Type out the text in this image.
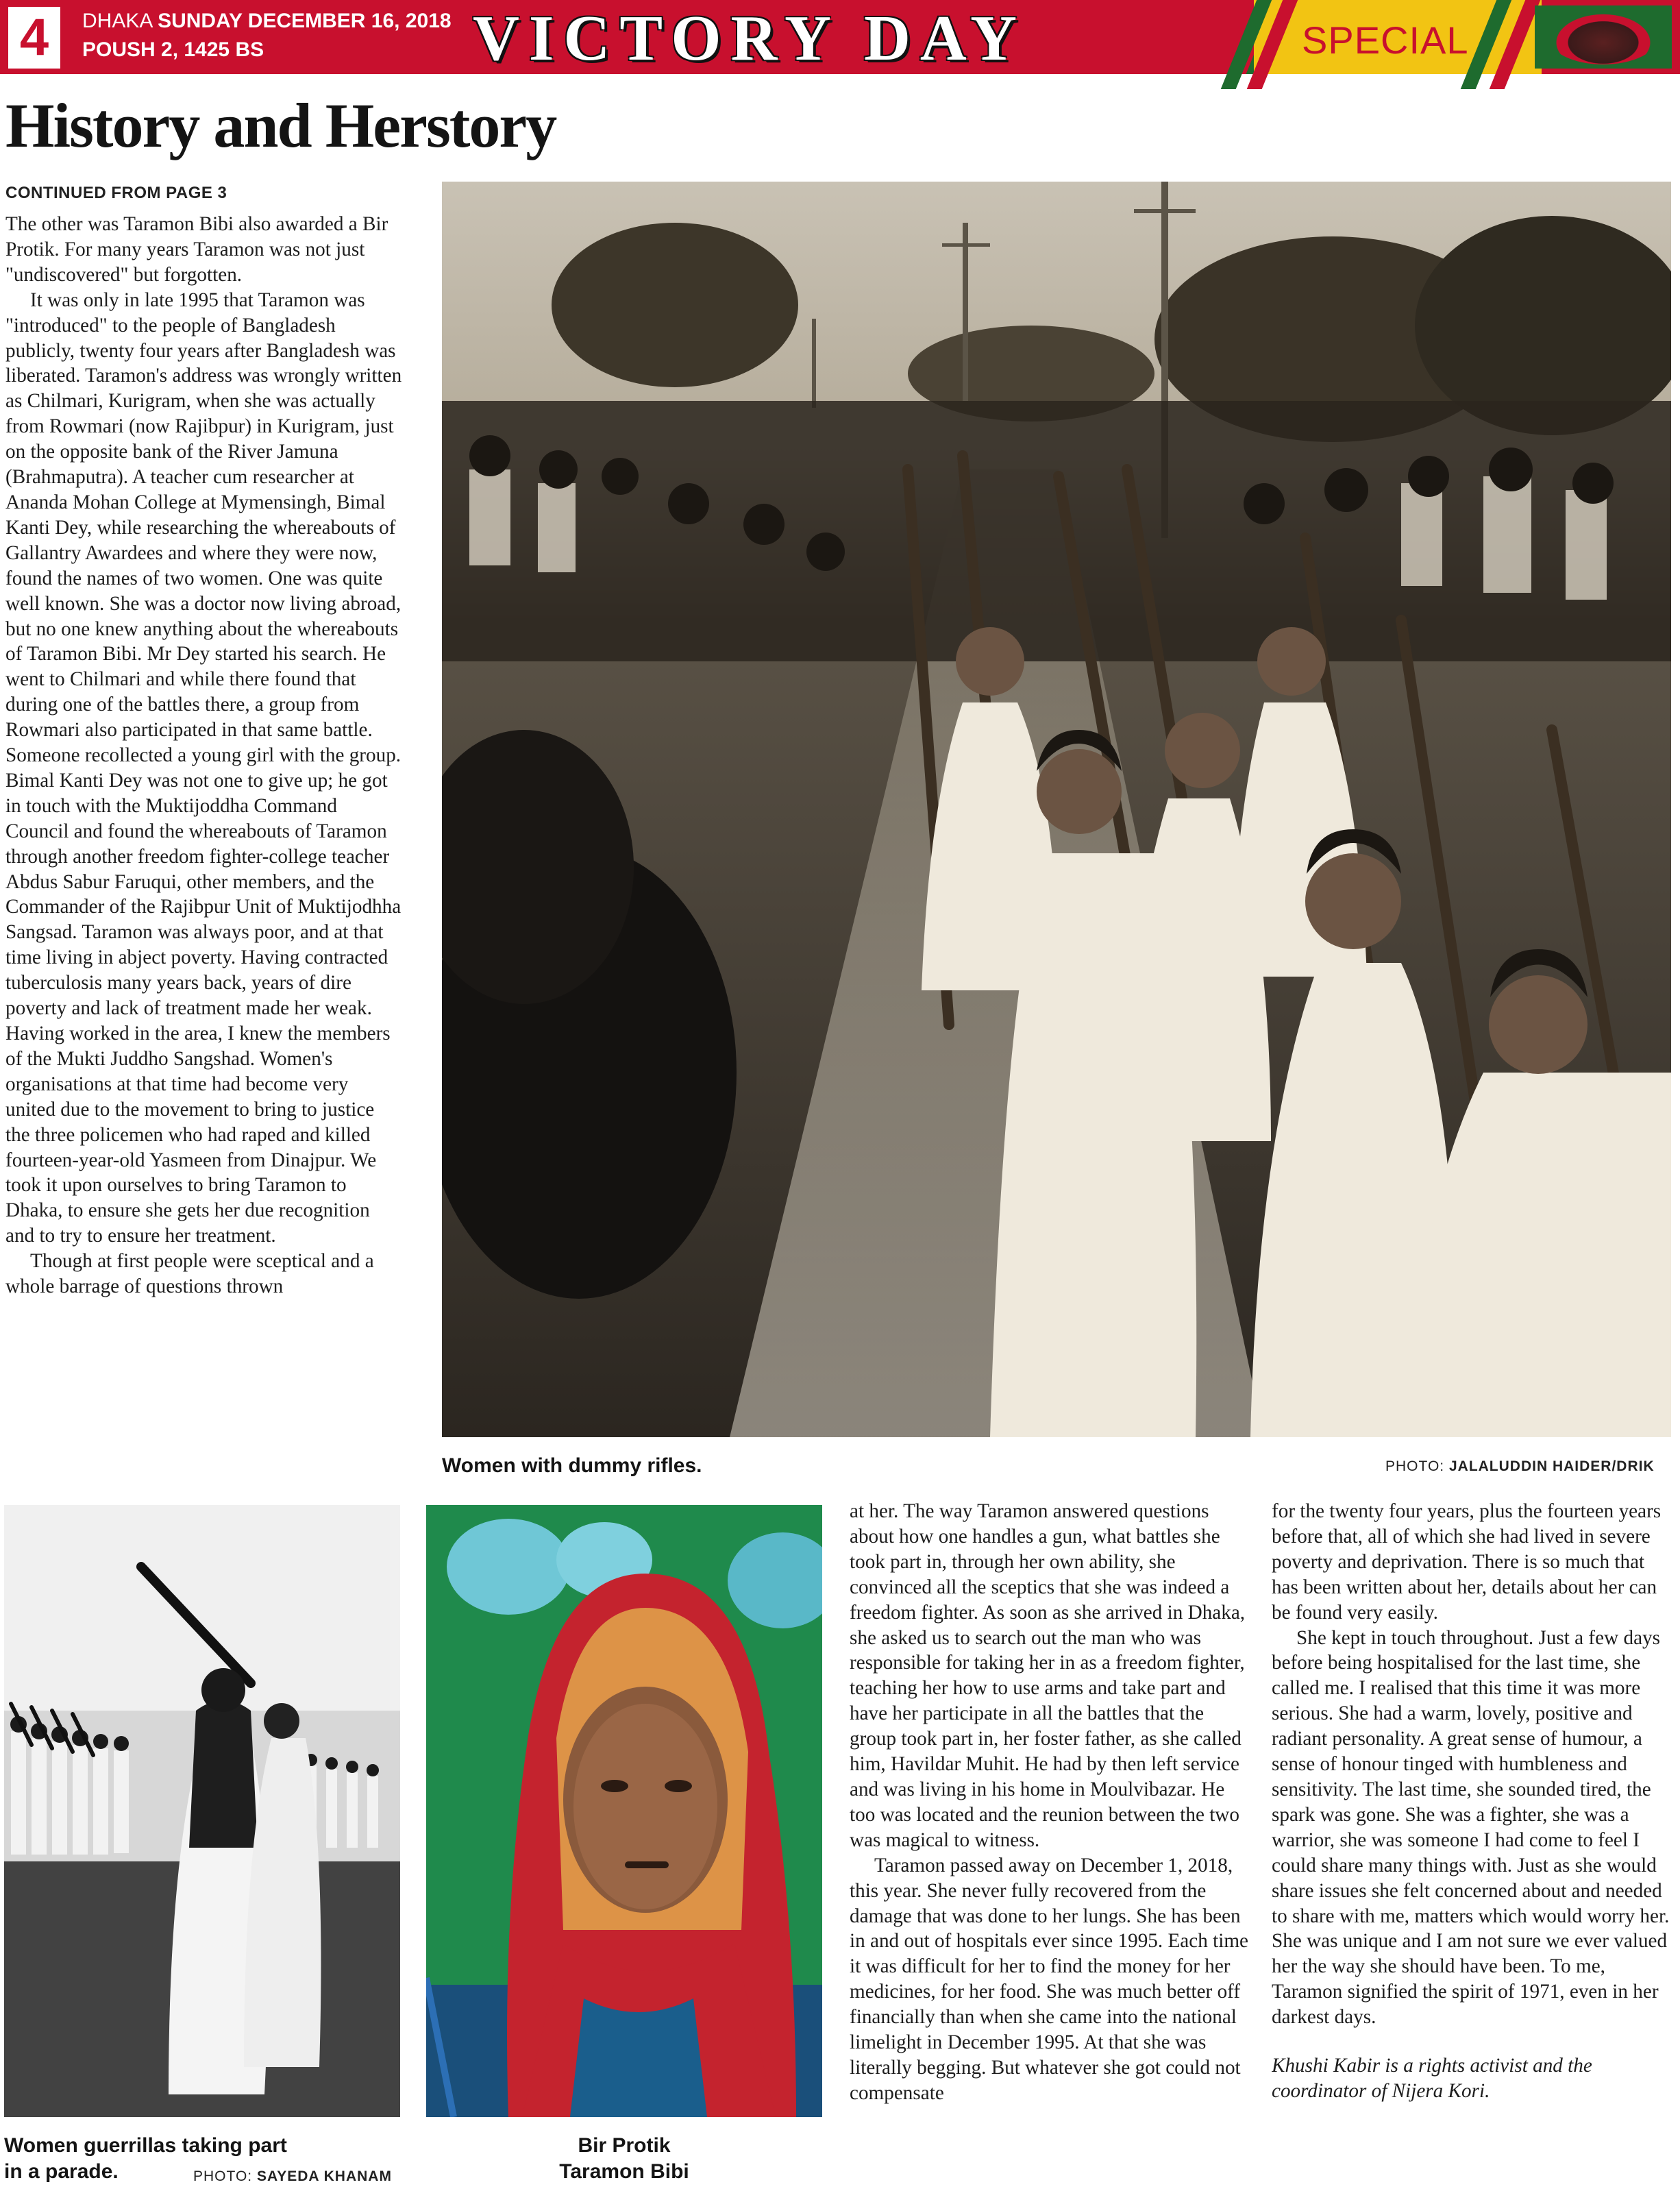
SPECIAL
4	DHAKA SUNDAY DECEMBER 16, 2018
POUSH 2, 1425 BS	VICTORY DAY
History and Herstory
CONTINUED FROM PAGE 3

The other was Taramon Bibi also awarded a Bir Protik. For many years Taramon was not just "undiscovered" but forgotten.

It was only in late 1995 that Taramon was "introduced" to the people of Bangladesh publicly, twenty four years after Bangladesh was liberated. Taramon's address was wrongly written as Chilmari, Kurigram, when she was actually from Rowmari (now Rajibpur) in Kurigram, just on the opposite bank of the River Jamuna (Brahmaputra). A teacher cum researcher at Ananda Mohan College at Mymensingh, Bimal Kanti Dey, while researching the whereabouts of Gallantry Awardees and where they were now, found the names of two women. One was quite well known. She was a doctor now living abroad, but no one knew anything about the whereabouts of Taramon Bibi. Mr Dey started his search. He went to Chilmari and while there found that during one of the battles there, a group from Rowmari also participated in that same battle. Someone recollected a young girl with the group. Bimal Kanti Dey was not one to give up; he got in touch with the Muktijoddha Command Council and found the whereabouts of Taramon through another freedom fighter-college teacher Abdus Sabur Faruqui, other members, and the Commander of the Rajibpur Unit of Muktijodhha Sangsad. Taramon was always poor, and at that time living in abject poverty. Having contracted tuberculosis many years back, years of dire poverty and lack of treatment made her weak. Having worked in the area, I knew the members of the Mukti Juddho Sangshad. Women's organisations at that time had become very united due to the movement to bring to justice the three policemen who had raped and killed fourteen-year-old Yasmeen from Dinajpur. We took it upon ourselves to bring Taramon to Dhaka, to ensure she gets her due recognition and to try to ensure her treatment.

Though at first people were sceptical and a whole barrage of questions thrown

Women with dummy rifles.	PHOTO: JALALUDDIN HAIDER/DRIK
Women guerrillas taking part in a parade.	PHOTO: SAYEDA KHANAM
Bir Protik
Taramon Bibi

at her. The way Taramon answered questions about how one handles a gun, what battles she took part in, through her own ability, she convinced all the sceptics that she was indeed a freedom fighter. As soon as she arrived in Dhaka, she asked us to search out the man who was responsible for taking her in as a freedom fighter, teaching her how to use arms and take part and have her participate in all the battles that the group took part in, her foster father, as she called him, Havildar Muhit. He had by then left service and was living in his home in Moulvibazar. He too was located and the reunion between the two was magical to witness.

Taramon passed away on December 1, 2018, this year. She never fully recovered from the damage that was done to her lungs. She has been in and out of hospitals ever since 1995. Each time it was difficult for her to find the money for her medicines, for her food. She was much better off financially than when she came into the national limelight in December 1995. At that she was literally begging. But whatever she got could not compensate

for the twenty four years, plus the fourteen years before that, all of which she had lived in severe poverty and deprivation. There is so much that has been written about her, details about her can be found very easily.

She kept in touch throughout. Just a few days before being hospitalised for the last time, she called me. I realised that this time it was more serious. She had a warm, lovely, positive and radiant personality. A great sense of humour, a sense of honour tinged with humbleness and sensitivity. The last time, she sounded tired, the spark was gone. She was a fighter, she was a warrior, she was someone I had come to feel I could share many things with. Just as she would share issues she felt concerned about and needed to share with me, matters which would worry her. She was unique and I am not sure we ever valued her the way she should have been. To me, Taramon signified the spirit of 1971, even in her darkest days.

Khushi Kabir is a rights activist and the coordinator of Nijera Kori.
